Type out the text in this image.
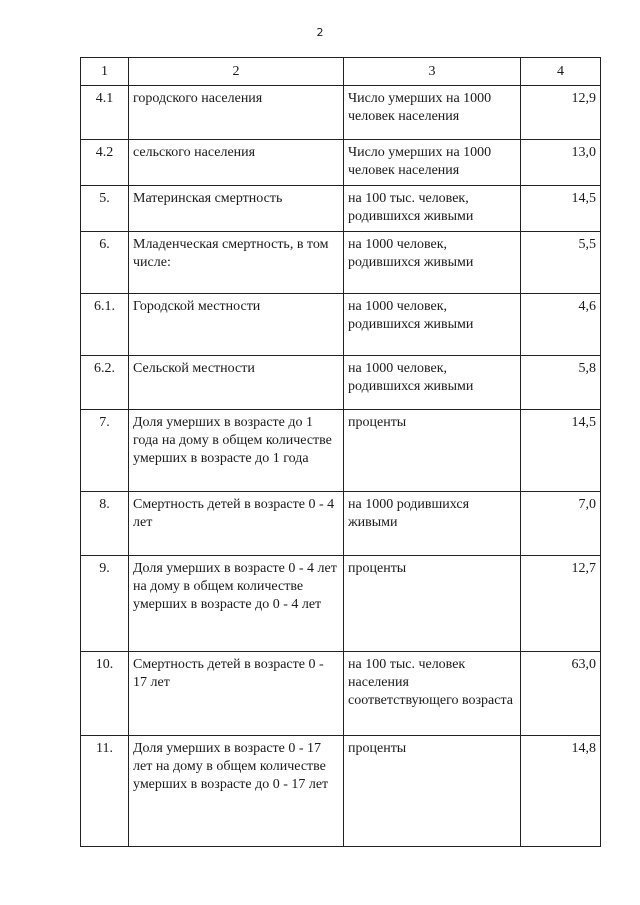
2
1	2	3	4
4.1	городского населения	Число умерших на 1000 человек населения	12,9
4.2	сельского населения	Число умерших на 1000 человек населения	13,0
5.	Материнская смертность	на 100 тыс. человек, родившихся живыми	14,5
6.	Младенческая смертность, в том числе:	на 1000 человек, родившихся живыми	5,5
6.1.	Городской местности	на 1000 человек, родившихся живыми	4,6
6.2.	Сельской местности	на 1000 человек, родившихся живыми	5,8
7.	Доля умерших в возрасте до 1 года на дому в общем количестве умерших в возрасте до 1 года	проценты	14,5
8.	Смертность детей в возрасте 0 - 4 лет	на 1000 родившихся живыми	7,0
9.	Доля умерших в возрасте 0 - 4 лет на дому в общем количестве умерших в возрасте до 0 - 4 лет	проценты	12,7
10.	Смертность детей в возрасте 0 - 17 лет	на 100 тыс. человек населения соответствующего возраста	63,0
11.	Доля умерших в возрасте 0 - 17 лет на дому в общем количестве умерших в возрасте до 0 - 17 лет	проценты	14,8
